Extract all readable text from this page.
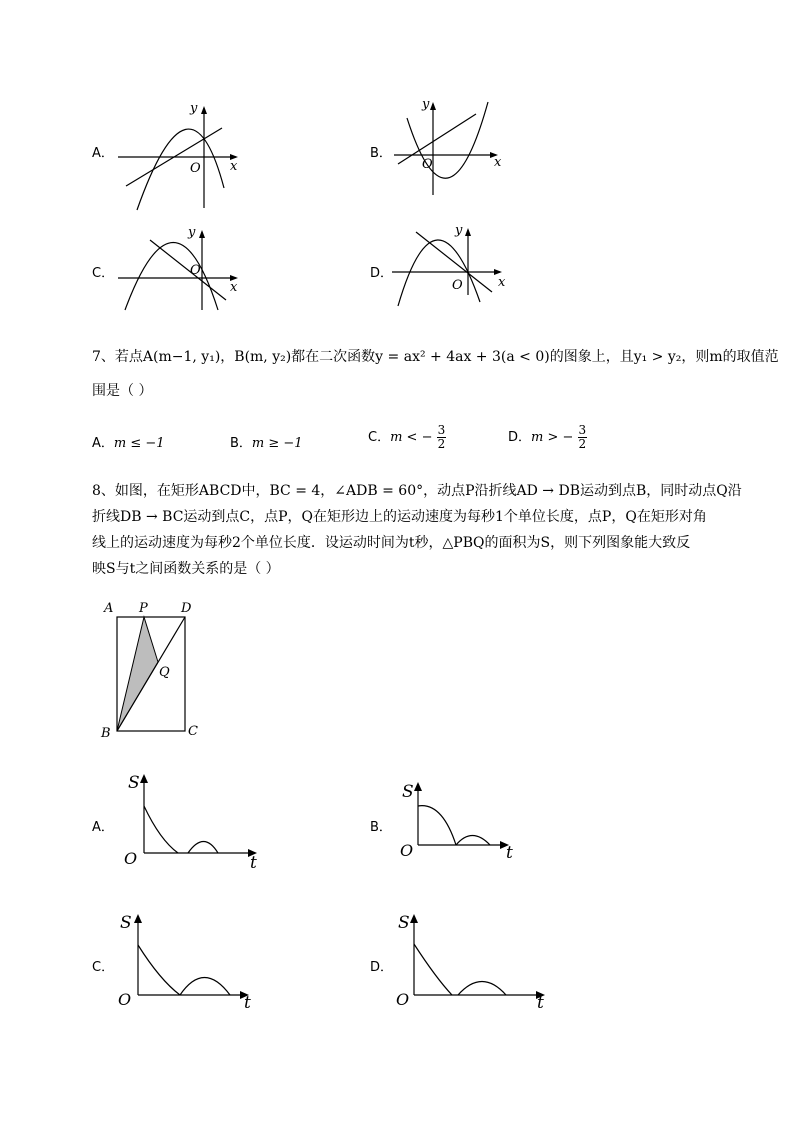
A．
y
x
O
B．
y
x
O
C．
y
x
O	D．
y
x
O
7、若点A(m−1, y₁)，B(m, y₂)都在二次函数y = ax² + 4ax + 3(a < 0)的图象上，且y₁ > y₂，则m的取值范
围是（ ）
A．m ≤ −1	B．m ≥ −1	C．m < − $\frac{3}{2}$	D．m > − $\frac{3}{2}$
8、如图，在矩形ABCD中，BC = 4，∠ADB = 60°，动点P沿折线AD → DB运动到点B，同时动点Q沿
折线DB → BC运动到点C，点P，Q在矩形边上的运动速度为每秒1个单位长度，点P，Q在矩形对角
线上的运动速度为每秒2个单位长度．设运动时间为t秒，△PBQ的面积为S，则下列图象能大致反
映S与t之间函数关系的是（ ）
A P	D
Q
B	C
A．
S
t
O
B．
S
t
O
C．
S
t
O
D．
S
t
O
